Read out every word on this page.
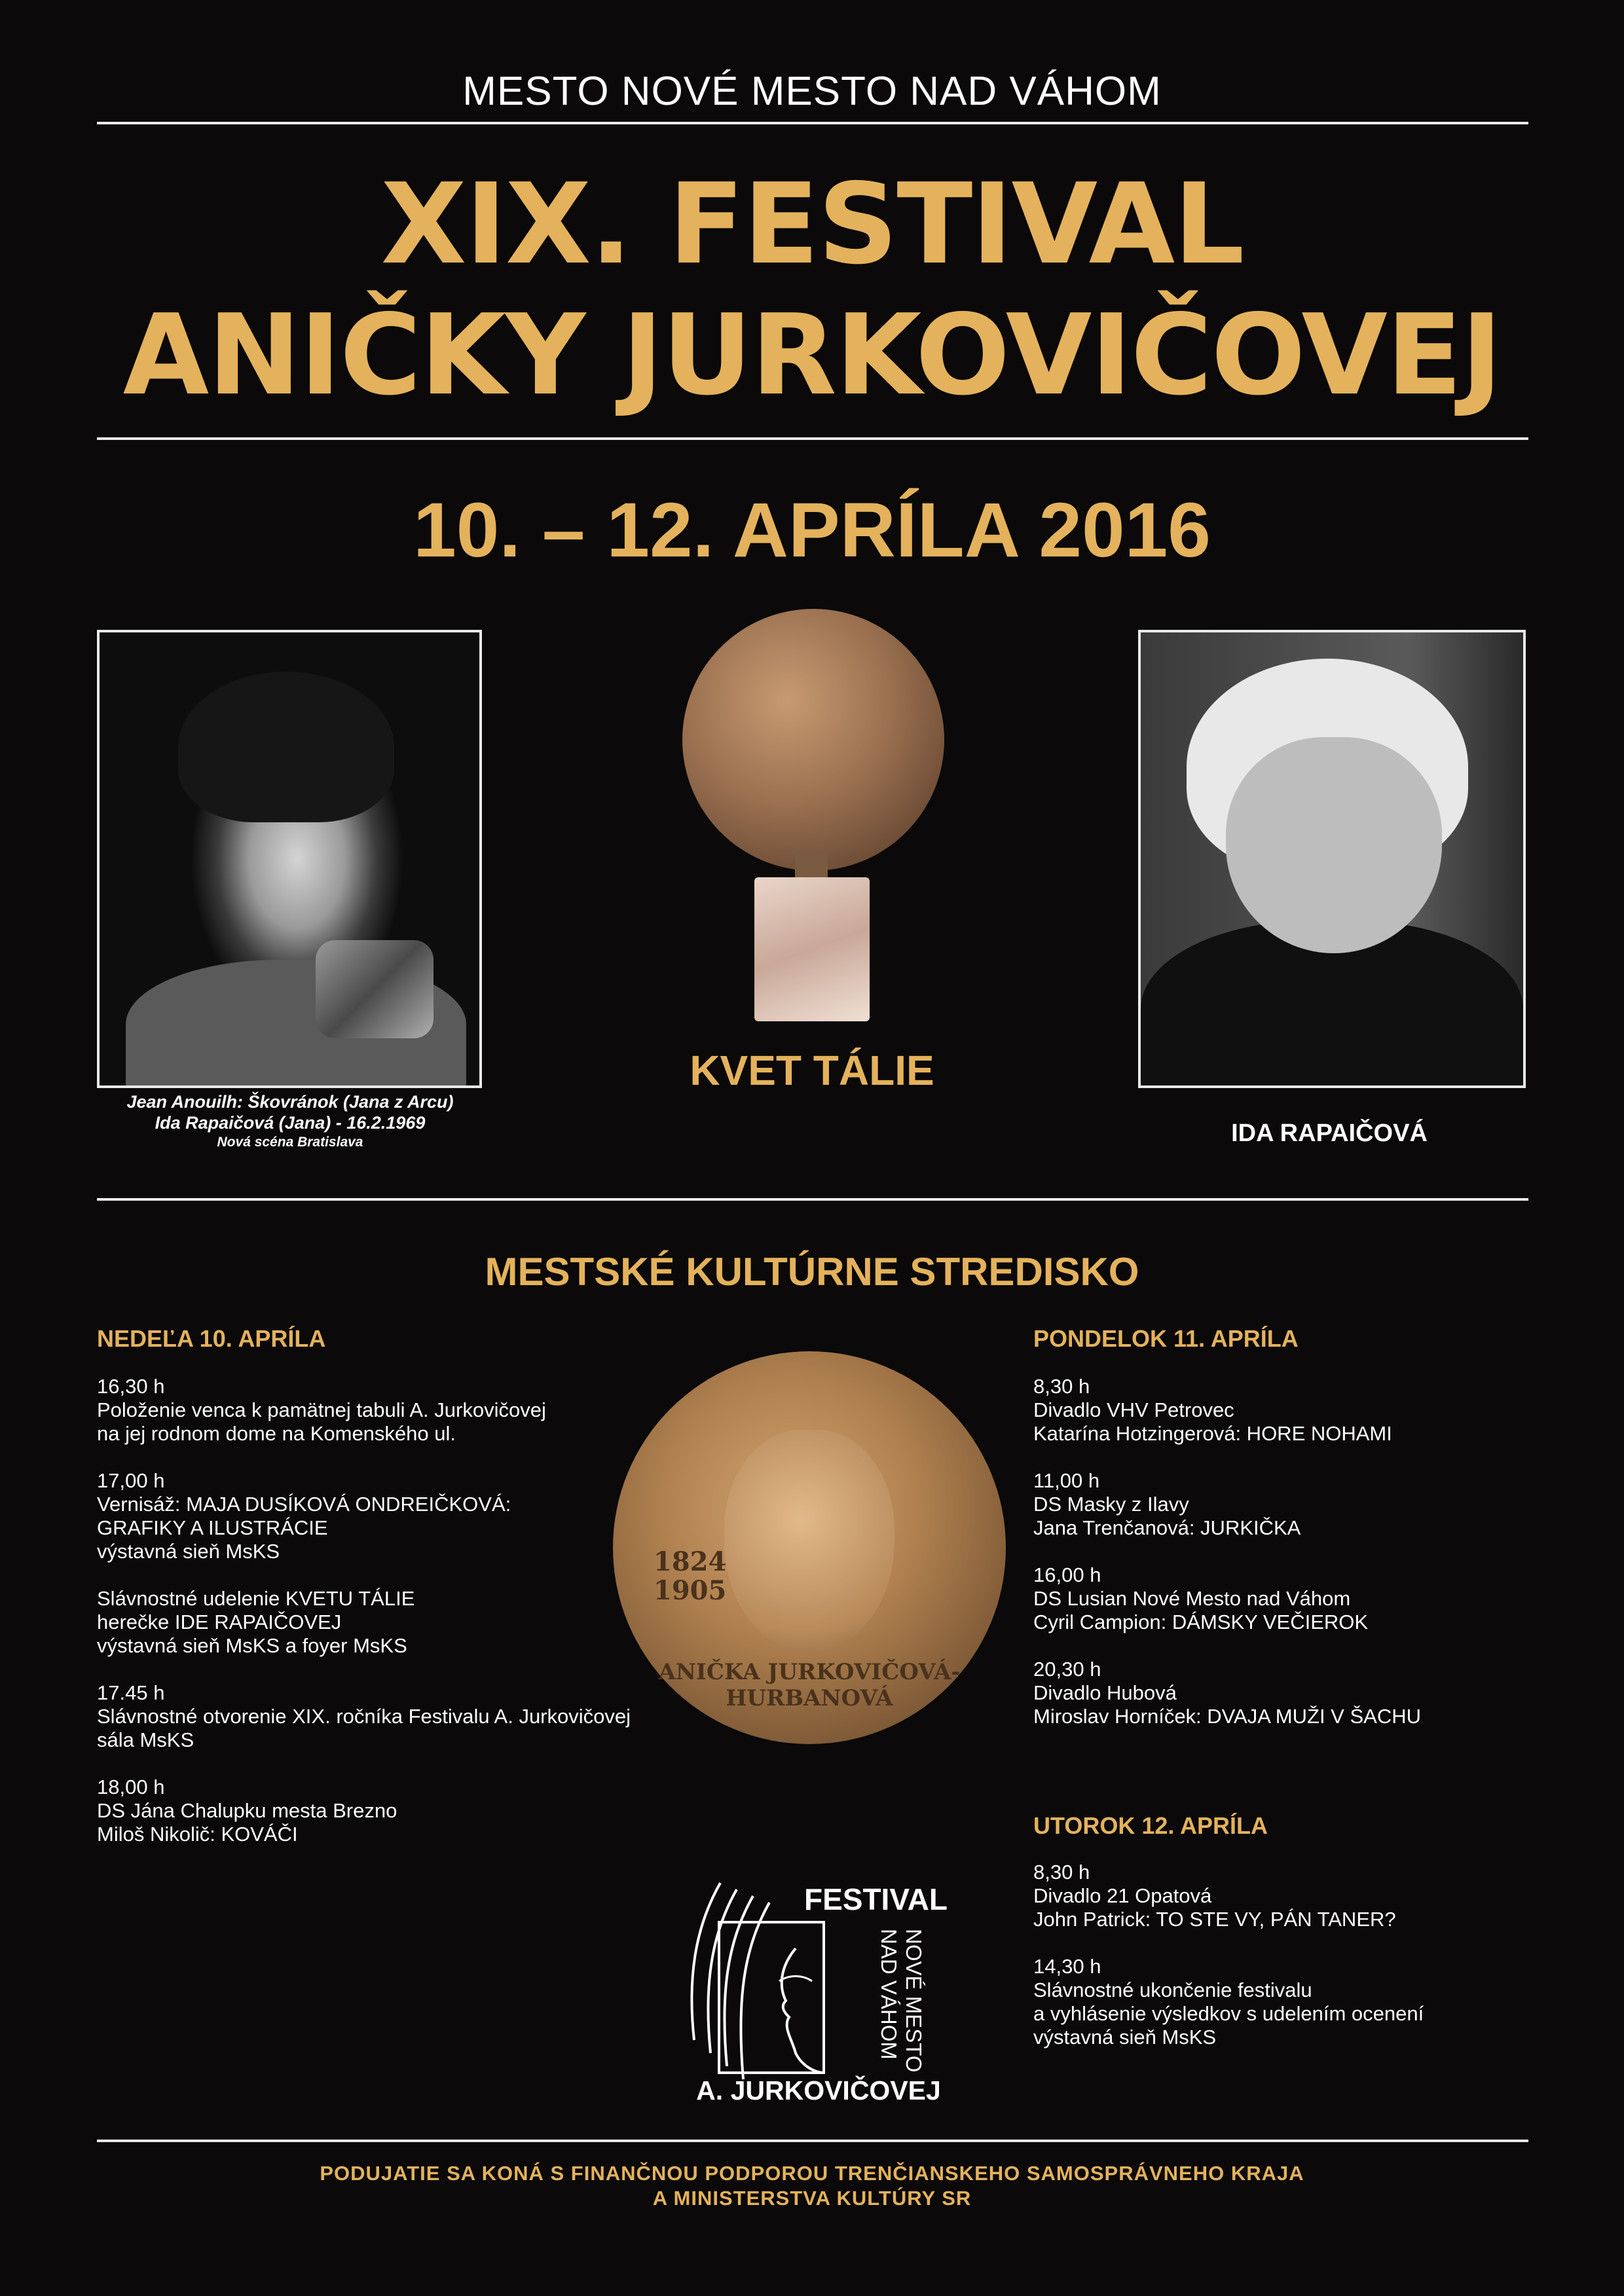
MESTO NOVÉ MESTO NAD VÁHOM
XIX. FESTIVAL
ANIČKY JURKOVIČOVEJ
10. – 12. APRÍLA 2016
Jean Anouilh: Škovránok (Jana z Arcu)
Ida Rapaičová (Jana) - 16.2.1969
Nová scéna Bratislava
KVET TÁLIE
IDA RAPAIČOVÁ
MESTSKÉ KULTÚRNE STREDISKO
NEDEĽA 10. APRÍLA	PONDELOK 11. APRÍLA
UTOROK 12. APRÍLA
16,30 h
Položenie venca k pamätnej tabuli A. Jurkovičovej
na jej rodnom dome na Komenského ul.
17,00 h
Vernisáž: MAJA DUSÍKOVÁ ONDREIČKOVÁ:
GRAFIKY A ILUSTRÁCIE
výstavná sieň MsKS
Slávnostné udelenie KVETU TÁLIE
herečke IDE RAPAIČOVEJ
výstavná sieň MsKS a foyer MsKS
17.45 h
Slávnostné otvorenie XIX. ročníka Festivalu A. Jurkovičovej
sála MsKS
18,00 h
DS Jána Chalupku mesta Brezno
Miloš Nikolič: KOVÁČI
8,30 h
Divadlo VHV Petrovec
Katarína Hotzingerová: HORE NOHAMI
11,00 h
DS Masky z Ilavy
Jana Trenčanová: JURKIČKA
16,00 h
DS Lusian Nové Mesto nad Váhom
Cyril Campion: DÁMSKY VEČIEROK
20,30 h
Divadlo Hubová
Miroslav Horníček: DVAJA MUŽI V ŠACHU
8,30 h
Divadlo 21 Opatová
John Patrick: TO STE VY, PÁN TANER?
14,30 h
Slávnostné ukončenie festivalu
a vyhlásenie výsledkov s udelením ocenení
výstavná sieň MsKS
1824
1905
ANIČKA JURKOVIČOVÁ-HURBANOVÁ
FESTIVAL
NOVÉ MESTO
NAD VÁHOM
A. JURKOVIČOVEJ
PODUJATIE SA KONÁ S FINANČNOU PODPOROU TRENČIANSKEHO SAMOSPRÁVNEHO KRAJA
A MINISTERSTVA KULTÚRY SR
